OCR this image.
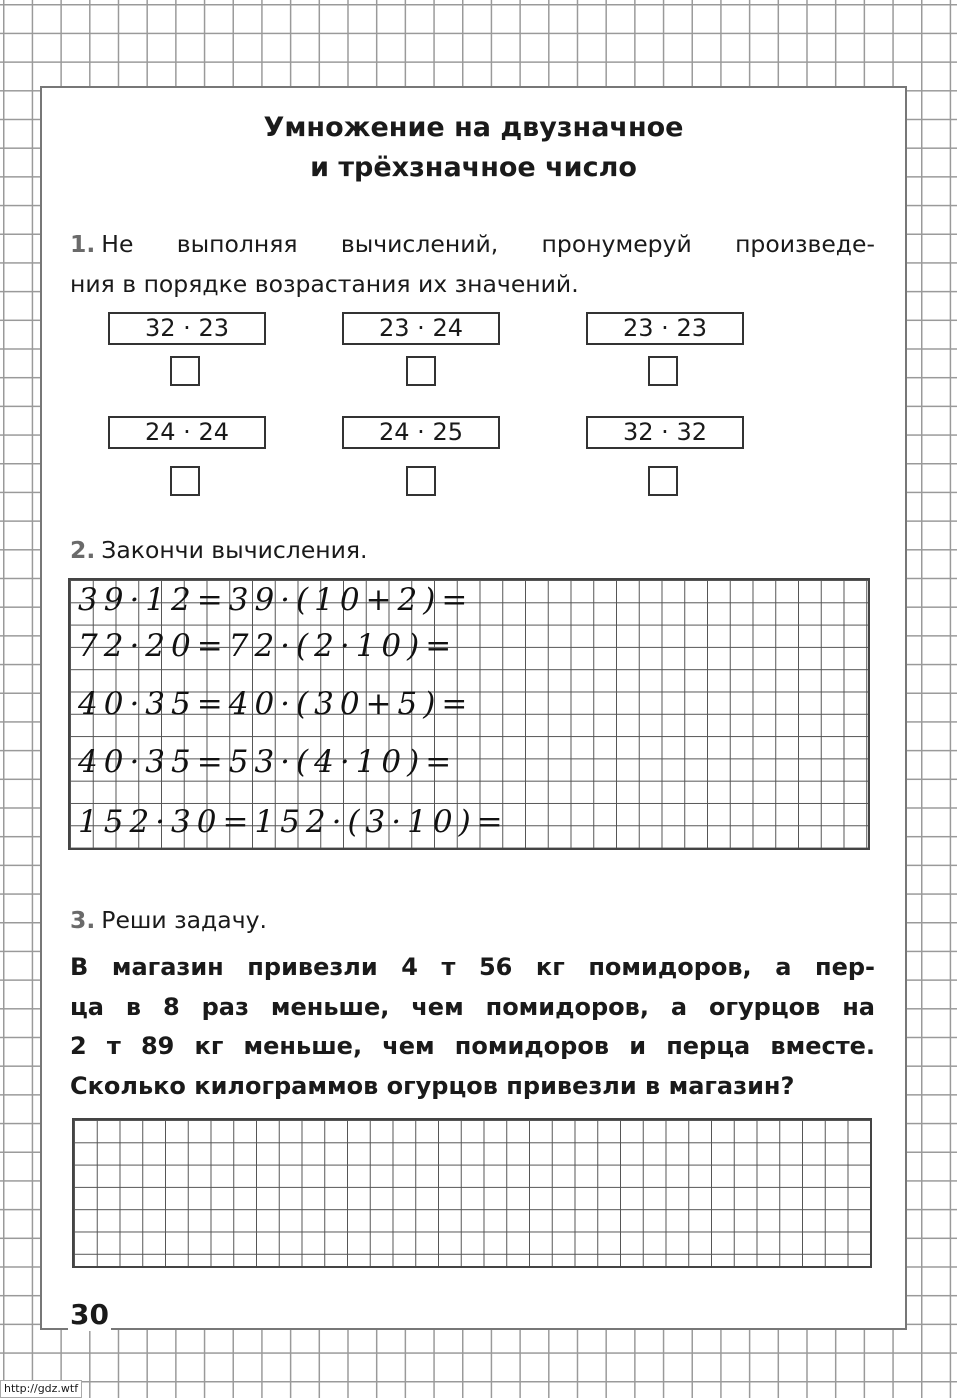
Умножение на двузначное
и трёхзначное число
1. Не выполняя вычислений, пронумеруй произведе-
ния в порядке возрастания их значений.
32 · 23	23 · 24	23 · 23
24 · 24	24 · 25	32 · 32
2. Закончи вычисления.
39·12=39·(10+2)=
72·20=72·(2·10)=
40·35=40·(30+5)=
40·35=53·(4·10)=
152·30=152·(3·10)=
3. Реши задачу.
В магазин привезли 4 т 56 кг помидоров, а пер-
ца в 8 раз меньше, чем помидоров, а огурцов на
2 т 89 кг меньше, чем помидоров и перца вместе.
Сколько килограммов огурцов привезли в магазин?
30
http://gdz.wtf
